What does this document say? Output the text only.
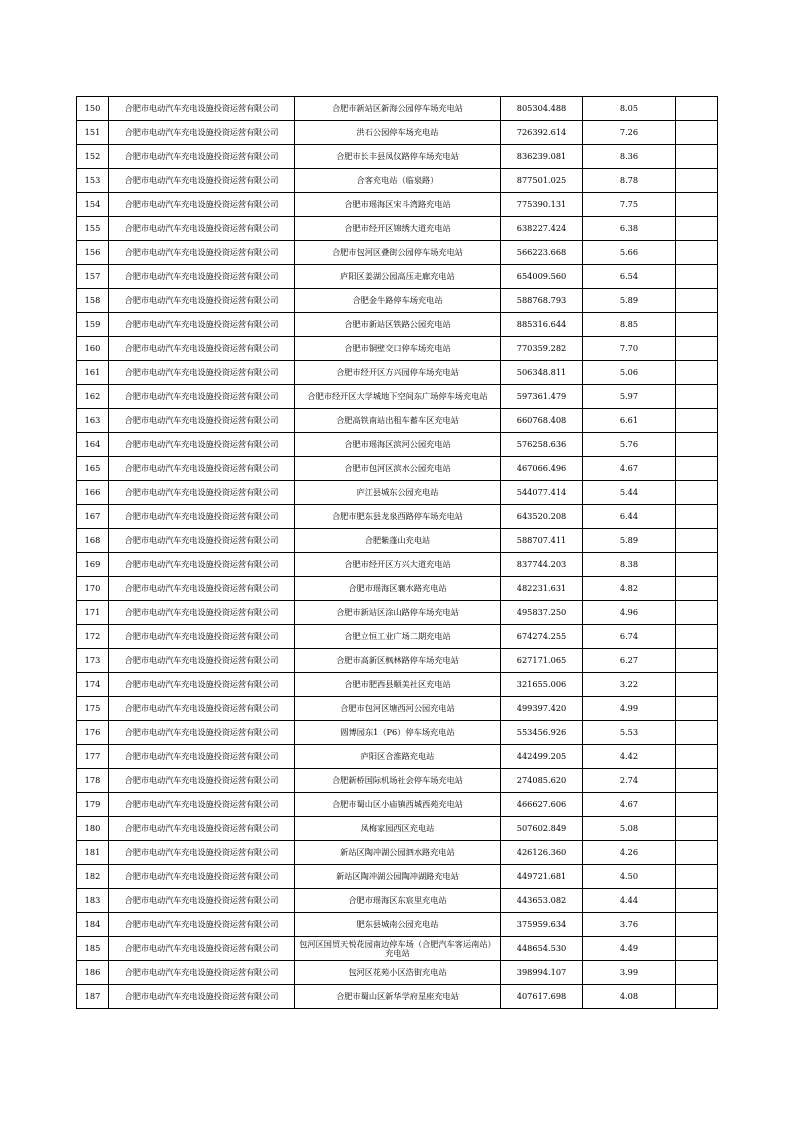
150	合肥市电动汽车充电设施投资运营有限公司	合肥市新站区新海公园停车场充电站	805304.488	8.05	
151	合肥市电动汽车充电设施投资运营有限公司	洪石公园停车场充电站	726392.614	7.26	
152	合肥市电动汽车充电设施投资运营有限公司	合肥市长丰县凤仪路停车场充电站	836239.081	8.36	
153	合肥市电动汽车充电设施投资运营有限公司	合客充电站（临泉路）	877501.025	8.78	
154	合肥市电动汽车充电设施投资运营有限公司	合肥市瑶海区宋斗湾路充电站	775390.131	7.75	
155	合肥市电动汽车充电设施投资运营有限公司	合肥市经开区锦绣大道充电站	638227.424	6.38	
156	合肥市电动汽车充电设施投资运营有限公司	合肥市包河区叠街公园停车场充电站	566223.668	5.66	
157	合肥市电动汽车充电设施投资运营有限公司	庐阳区姜湖公园高压走廊充电站	654009.560	6.54	
158	合肥市电动汽车充电设施投资运营有限公司	合肥金牛路停车场充电站	588768.793	5.89	
159	合肥市电动汽车充电设施投资运营有限公司	合肥市新站区铁路公园充电站	885316.644	8.85	
160	合肥市电动汽车充电设施投资运营有限公司	合肥市铜壁交口停车场充电站	770359.282	7.70	
161	合肥市电动汽车充电设施投资运营有限公司	合肥市经开区方兴园停车场充电站	506348.811	5.06	
162	合肥市电动汽车充电设施投资运营有限公司	合肥市经开区大学城地下空间东广场停车场充电站	597361.479	5.97	
163	合肥市电动汽车充电设施投资运营有限公司	合肥高铁南站出租车蓄车区充电站	660768.408	6.61	
164	合肥市电动汽车充电设施投资运营有限公司	合肥市瑶海区滨河公园充电站	576258.636	5.76	
165	合肥市电动汽车充电设施投资运营有限公司	合肥市包河区滨水公园充电站	467066.496	4.67	
166	合肥市电动汽车充电设施投资运营有限公司	庐江县城东公园充电站	544077.414	5.44	
167	合肥市电动汽车充电设施投资运营有限公司	合肥市肥东县龙泉西路停车场充电站	643520.208	6.44	
168	合肥市电动汽车充电设施投资运营有限公司	合肥紫蓬山充电站	588707.411	5.89	
169	合肥市电动汽车充电设施投资运营有限公司	合肥市经开区方兴大道充电站	837744.203	8.38	
170	合肥市电动汽车充电设施投资运营有限公司	合肥市瑶海区襄水路充电站	482231.631	4.82	
171	合肥市电动汽车充电设施投资运营有限公司	合肥市新站区涂山路停车场充电站	495837.250	4.96	
172	合肥市电动汽车充电设施投资运营有限公司	合肥立恒工业广场二期充电站	674274.255	6.74	
173	合肥市电动汽车充电设施投资运营有限公司	合肥市高新区枫林路停车场充电站	627171.065	6.27	
174	合肥市电动汽车充电设施投资运营有限公司	合肥市肥西县顺美社区充电站	321655.006	3.22	
175	合肥市电动汽车充电设施投资运营有限公司	合肥市包河区塘西河公园充电站	499397.420	4.99	
176	合肥市电动汽车充电设施投资运营有限公司	圆博园东1（P6）停车场充电站	553456.926	5.53	
177	合肥市电动汽车充电设施投资运营有限公司	庐阳区合淮路充电站	442499.205	4.42	
178	合肥市电动汽车充电设施投资运营有限公司	合肥新桥国际机场社会停车场充电站	274085.620	2.74	
179	合肥市电动汽车充电设施投资运营有限公司	合肥市蜀山区小庙镇西城西苑充电站	466627.606	4.67	
180	合肥市电动汽车充电设施投资运营有限公司	凤梅家园西区充电站	507602.849	5.08	
181	合肥市电动汽车充电设施投资运营有限公司	新站区陶冲湖公园泗水路充电站	426126.360	4.26	
182	合肥市电动汽车充电设施投资运营有限公司	新站区陶冲湖公园陶冲湖路充电站	449721.681	4.50	
183	合肥市电动汽车充电设施投资运营有限公司	合肥市瑶海区东宸里充电站	443653.082	4.44	
184	合肥市电动汽车充电设施投资运营有限公司	肥东县城南公园充电站	375959.634	3.76	
185	合肥市电动汽车充电设施投资运营有限公司	包河区国贸天悦花园南边停车场（合肥汽车客运南站）充电站	448654.530	4.49	
186	合肥市电动汽车充电设施投资运营有限公司	包河区花苑小区浩街充电站	398994.107	3.99	
187	合肥市电动汽车充电设施投资运营有限公司	合肥市蜀山区新华学府星座充电站	407617.698	4.08	
